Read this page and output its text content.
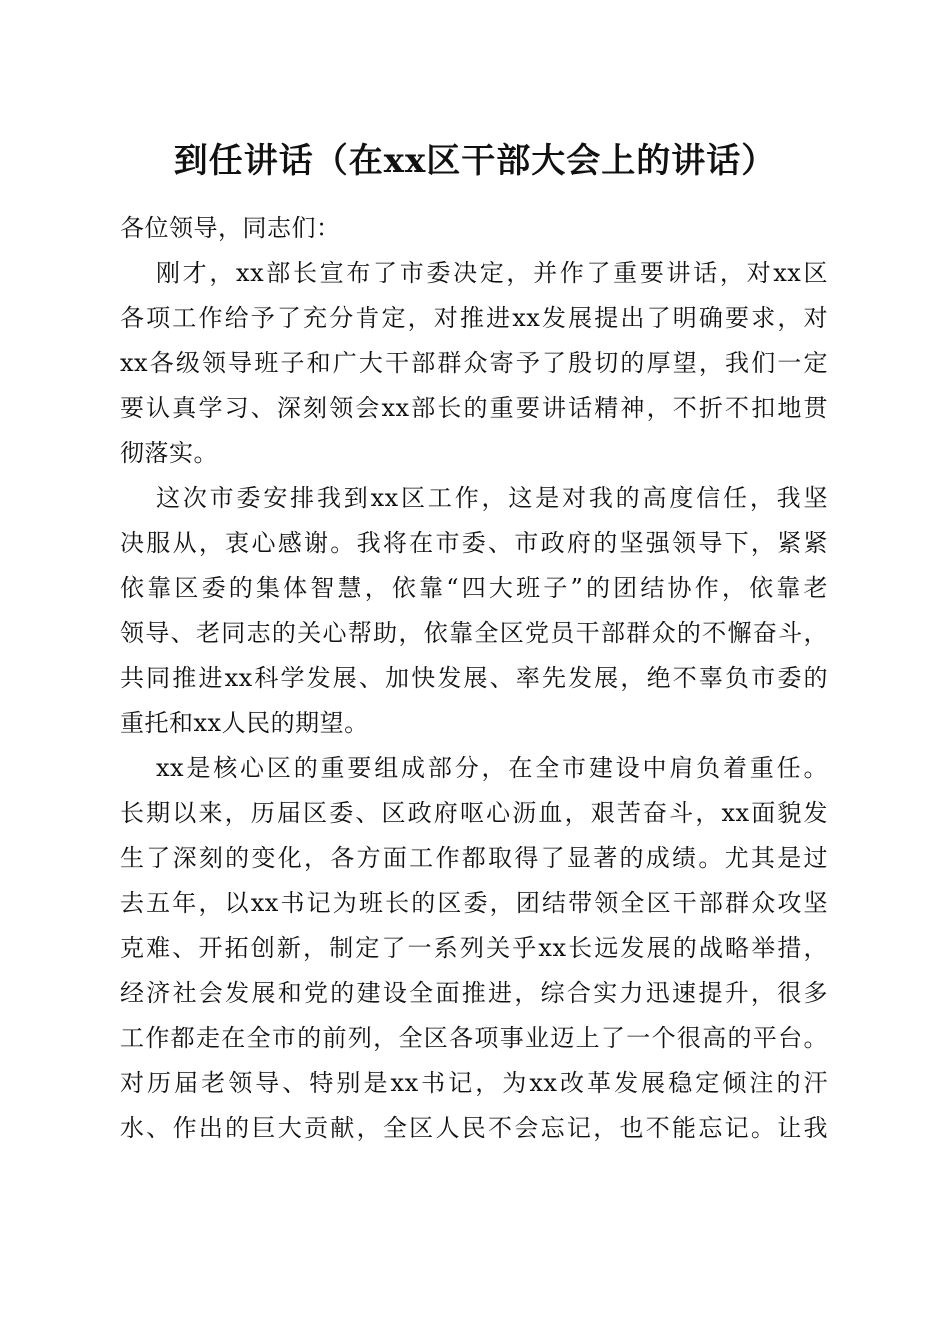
到任讲话（在xx区干部大会上的讲话）
各位领导，同志们：
刚才，xx部长宣布了市委决定，并作了重要讲话，对xx区
各项工作给予了充分肯定，对推进xx发展提出了明确要求，对
xx各级领导班子和广大干部群众寄予了殷切的厚望，我们一定
要认真学习、深刻领会xx部长的重要讲话精神，不折不扣地贯
彻落实。
这次市委安排我到xx区工作，这是对我的高度信任，我坚
决服从，衷心感谢。我将在市委、市政府的坚强领导下，紧紧
依靠区委的集体智慧，依靠“四大班子”的团结协作，依靠老
领导、老同志的关心帮助，依靠全区党员干部群众的不懈奋斗，
共同推进xx科学发展、加快发展、率先发展，绝不辜负市委的
重托和xx人民的期望。
xx是核心区的重要组成部分，在全市建设中肩负着重任。
长期以来，历届区委、区政府呕心沥血，艰苦奋斗，xx面貌发
生了深刻的变化，各方面工作都取得了显著的成绩。尤其是过
去五年，以xx书记为班长的区委，团结带领全区干部群众攻坚
克难、开拓创新，制定了一系列关乎xx长远发展的战略举措，
经济社会发展和党的建设全面推进，综合实力迅速提升，很多
工作都走在全市的前列，全区各项事业迈上了一个很高的平台。
对历届老领导、特别是xx书记，为xx改革发展稳定倾注的汗
水、作出的巨大贡献，全区人民不会忘记，也不能忘记。让我
